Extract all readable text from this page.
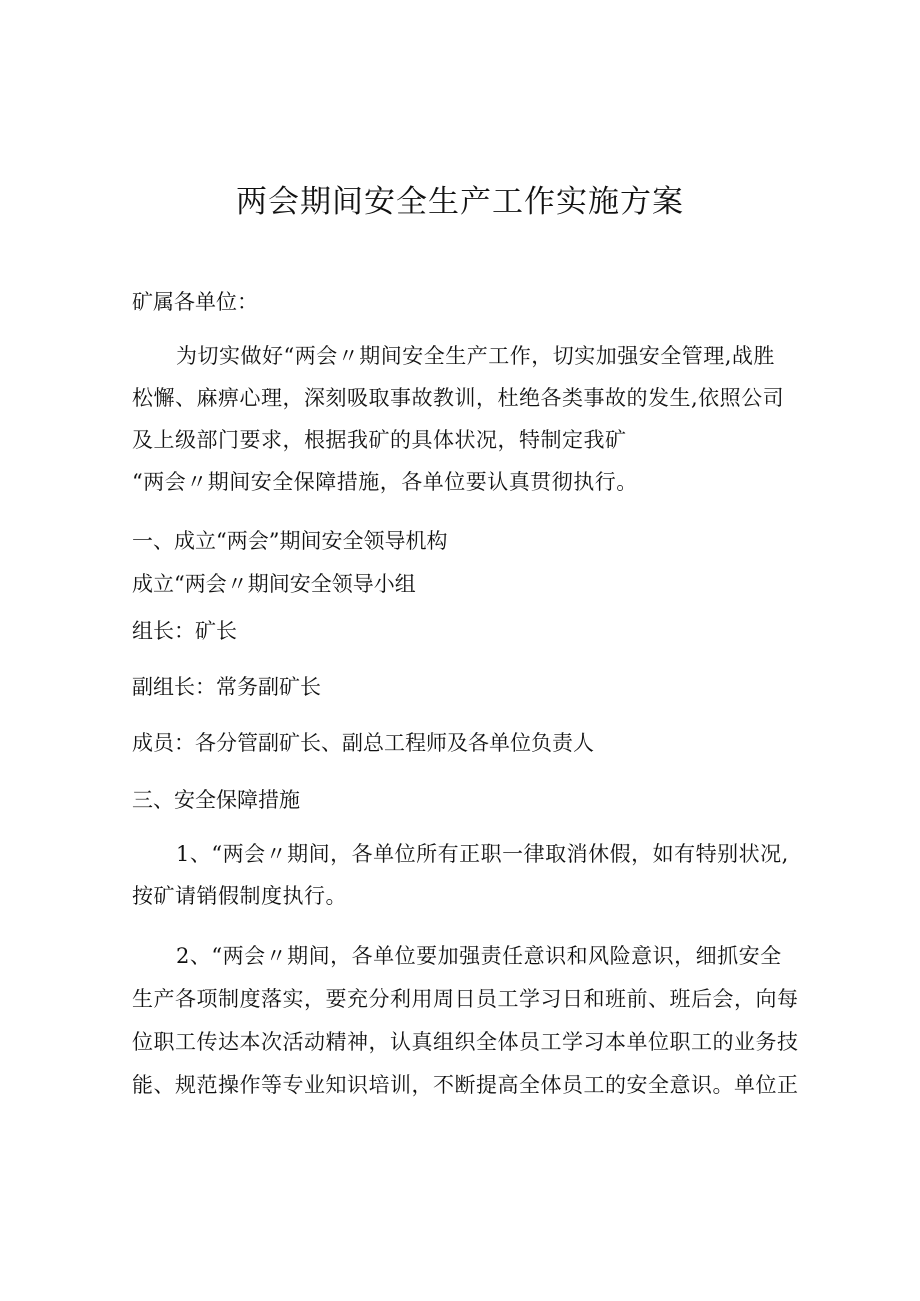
两会期间安全生产工作实施方案
矿属各单位：
为切实做好“两会〃期间安全生产工作，切实加强安全管理,战胜
松懈、麻痹心理，深刻吸取事故教训，杜绝各类事故的发生,依照公司
及上级部门要求，根据我矿的具体状况，特制定我矿
“两会〃期间安全保障措施，各单位要认真贯彻执行。
一、成立“两会”期间安全领导机构
成立“两会〃期间安全领导小组
组长：矿长
副组长：常务副矿长
成员：各分管副矿长、副总工程师及各单位负责人
三、安全保障措施
1、“两会〃期间，各单位所有正职一律取消休假，如有特别状况,
按矿请销假制度执行。
2、“两会〃期间，各单位要加强责任意识和风险意识，细抓安全
生产各项制度落实，要充分利用周日员工学习日和班前、班后会，向每
位职工传达本次活动精神，认真组织全体员工学习本单位职工的业务技
能、规范操作等专业知识培训，不断提高全体员工的安全意识。单位正
